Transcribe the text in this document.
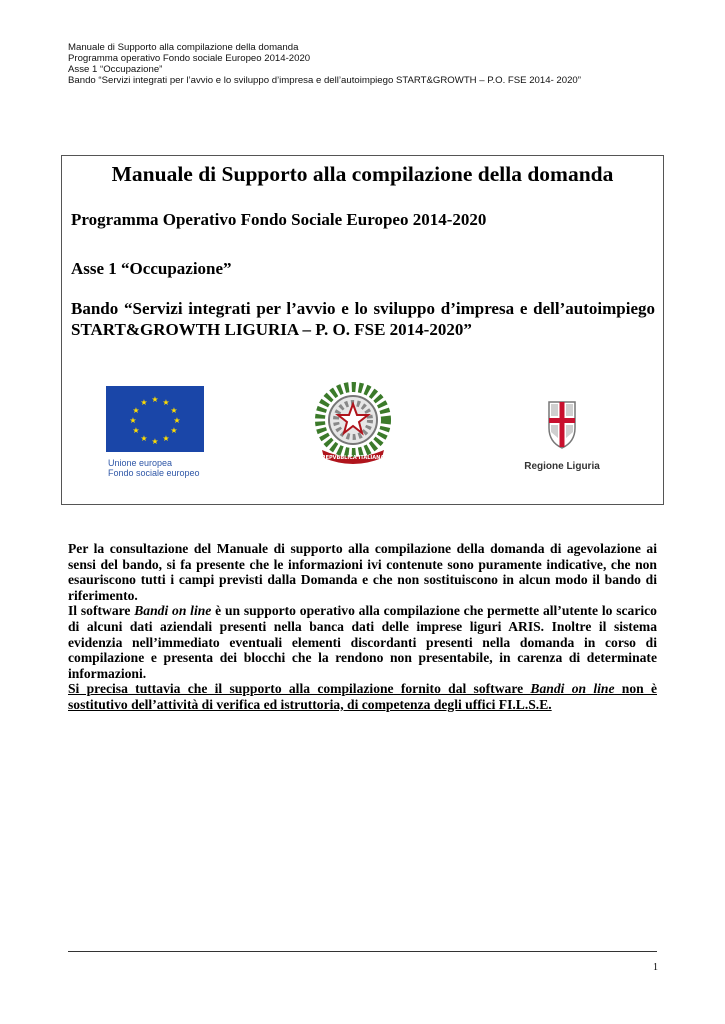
Manuale di Supporto alla compilazione della domanda
Programma operativo Fondo sociale Europeo 2014-2020
Asse 1 “Occupazione”
Bando “Servizi integrati per l’avvio e lo sviluppo d’impresa e dell’autoimpiego START&GROWTH – P.O. FSE 2014- 2020”
Manuale di Supporto alla compilazione della domanda
Programma Operativo Fondo Sociale Europeo 2014-2020
Asse 1 “Occupazione”
Bando “Servizi integrati per l’avvio e lo sviluppo d’impresa e dell’autoimpiego START&GROWTH LIGURIA – P. O. FSE 2014-2020”
★ ★
★
★
★
★
★
★
★
★
★
★
Unione europea
Fondo sociale europeo
REPVBBLICA ITALIANA
Regione Liguria

Per la consultazione del Manuale di supporto alla compilazione della domanda di agevolazione ai sensi del bando, si fa presente che le informazioni ivi contenute sono puramente indicative, che non esauriscono tutti i campi previsti dalla Domanda e che non sostituiscono in alcun modo il bando di riferimento.

Il software Bandi on line è un supporto operativo alla compilazione che permette all’utente lo scarico di alcuni dati aziendali presenti nella banca dati delle imprese liguri ARIS. Inoltre il sistema evidenzia nell’immediato eventuali elementi discordanti presenti nella domanda in corso di compilazione e presenta dei blocchi che la rendono non presentabile, in carenza di determinate informazioni.

Si precisa tuttavia che il supporto alla compilazione fornito dal software Bandi on line non è sostitutivo dell’attività di verifica ed istruttoria, di competenza degli uffici FI.L.S.E.

1
